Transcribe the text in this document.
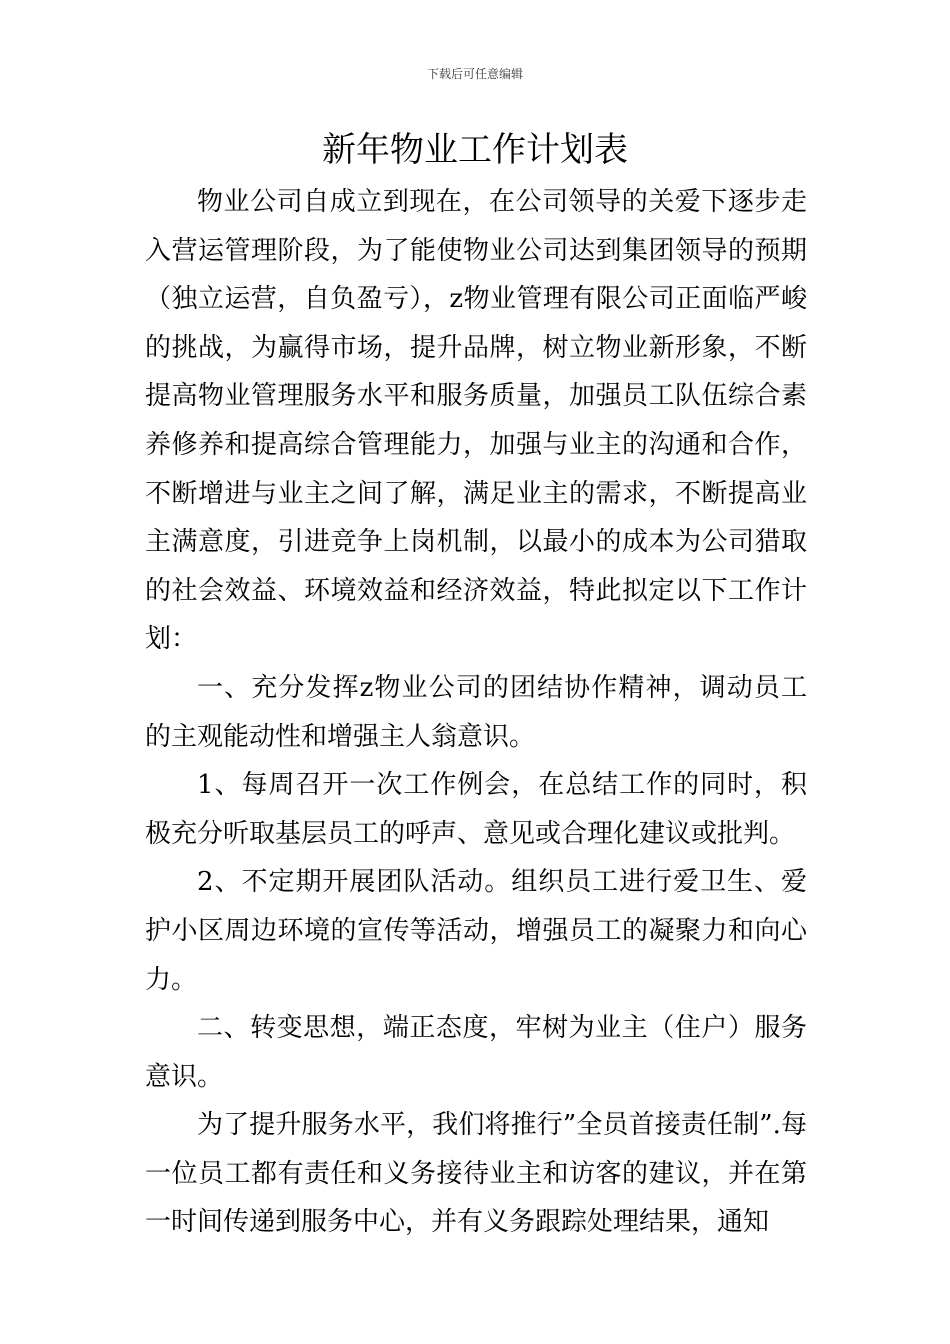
下载后可任意编辑
新年物业工作计划表

物业公司自成立到现在，在公司领导的关爱下逐步走入营运管理阶段，为了能使物业公司达到集团领导的预期（独立运营，自负盈亏），z物业管理有限公司正面临严峻的挑战，为赢得市场，提升品牌，树立物业新形象，不断提高物业管理服务水平和服务质量，加强员工队伍综合素养修养和提高综合管理能力，加强与业主的沟通和合作，不断增进与业主之间了解，满足业主的需求，不断提高业主满意度，引进竞争上岗机制，以最小的成本为公司猎取的社会效益、环境效益和经济效益，特此拟定以下工作计划：

一、充分发挥z物业公司的团结协作精神，调动员工的主观能动性和增强主人翁意识。

1、每周召开一次工作例会，在总结工作的同时，积极充分听取基层员工的呼声、意见或合理化建议或批判。

2、不定期开展团队活动。组织员工进行爱卫生、爱护小区周边环境的宣传等活动，增强员工的凝聚力和向心力。

二、转变思想，端正态度，牢树为业主（住户）服务意识。

为了提升服务水平，我们将推行”全员首接责任制”.每一位员工都有责任和义务接待业主和访客的建议，并在第一时间传递到服务中心，并有义务跟踪处理结果，通知
